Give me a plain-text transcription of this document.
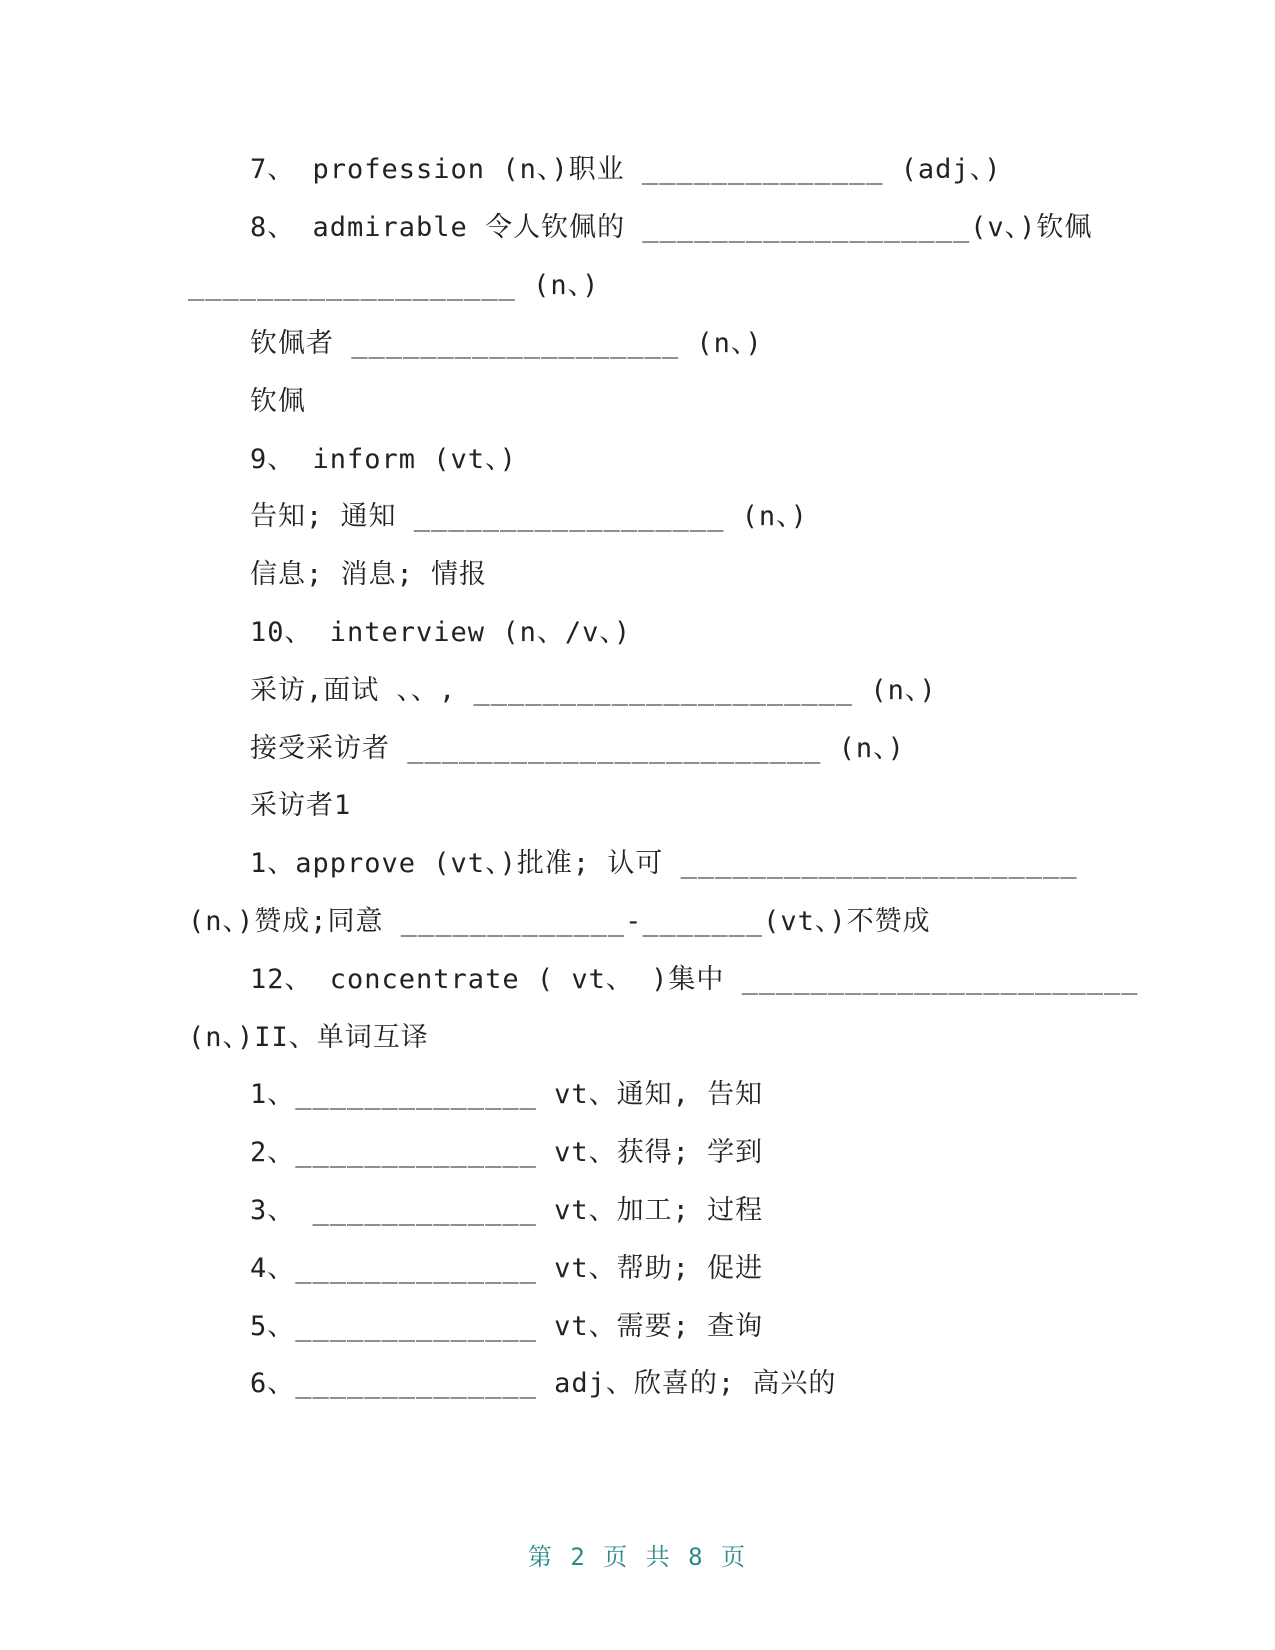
7、 profession (n、)职业 ______________ (adj、)
8、 admirable 令人钦佩的 ___________________(v、)钦佩
___________________ (n、)
钦佩者 ___________________ (n、)
钦佩
9、 inform (vt、)
告知; 通知 __________________ (n、)
信息; 消息; 情报
10、 interview (n、/v、)
采访,面试 、、, ______________________ (n、)
接受采访者 ________________________ (n、)
采访者1
1、approve (vt、)批准; 认可 _______________________
(n、)赞成;同意 _____________-_______(vt、)不赞成
12、 concentrate ( vt、 )集中 _______________________
(n、)II、单词互译
1、______________ vt、通知, 告知
2、______________ vt、获得; 学到
3、 _____________ vt、加工; 过程
4、______________ vt、帮助; 促进
5、______________ vt、需要; 查询
6、______________ adj、欣喜的; 高兴的
第 2 页 共 8 页
